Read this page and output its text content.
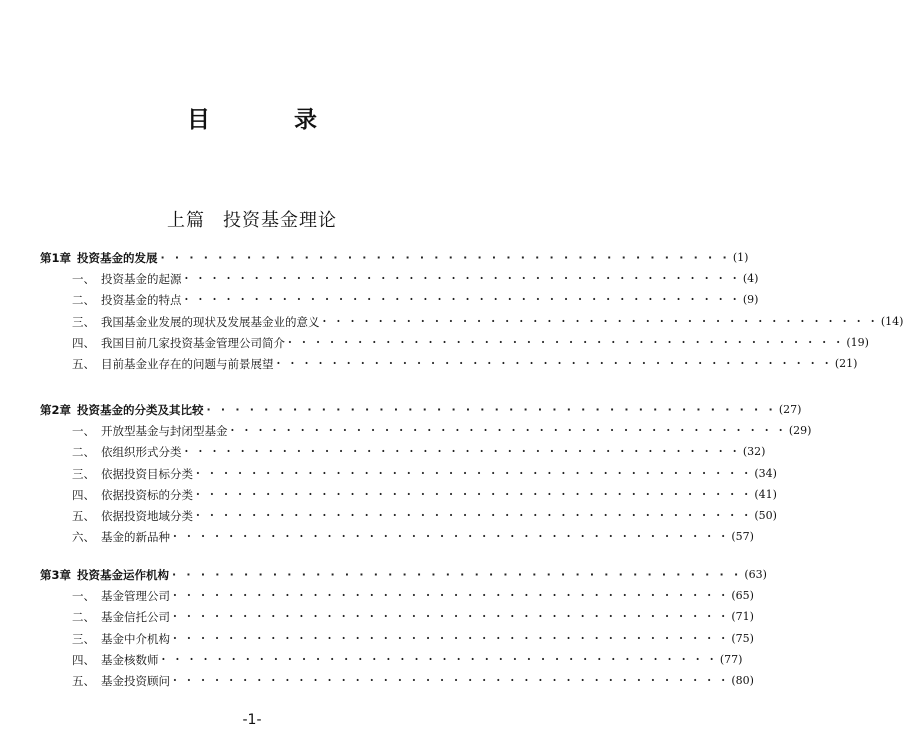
目 录
上篇 投资基金理论
第1章 投资基金的发展 · · · · · · · · · · · · · · · · · · · · · · · · · · · · · · · · · · · · · · · · (1)
一、 投资基金的起源 · · · · · · · · · · · · · · · · · · · · · · · · · · · · · · · · · · · · · · · · (4)
二、 投资基金的特点 · · · · · · · · · · · · · · · · · · · · · · · · · · · · · · · · · · · · · · · · (9)
三、 我国基金业发展的现状及发展基金业的意义 · · · · · · · · · · · · · · · · · · · · · · · · · · · · · · · · · · · · · · · · (14)
四、 我国目前几家投资基金管理公司简介 · · · · · · · · · · · · · · · · · · · · · · · · · · · · · · · · · · · · · · · · (19)
五、 目前基金业存在的问题与前景展望 · · · · · · · · · · · · · · · · · · · · · · · · · · · · · · · · · · · · · · · · (21)
第2章 投资基金的分类及其比较 · · · · · · · · · · · · · · · · · · · · · · · · · · · · · · · · · · · · · · · · (27)
一、 开放型基金与封闭型基金 · · · · · · · · · · · · · · · · · · · · · · · · · · · · · · · · · · · · · · · · (29)
二、 依组织形式分类 · · · · · · · · · · · · · · · · · · · · · · · · · · · · · · · · · · · · · · · · (32)
三、 依据投资目标分类 · · · · · · · · · · · · · · · · · · · · · · · · · · · · · · · · · · · · · · · · (34)
四、 依据投资标的分类 · · · · · · · · · · · · · · · · · · · · · · · · · · · · · · · · · · · · · · · · (41)
五、 依据投资地域分类 · · · · · · · · · · · · · · · · · · · · · · · · · · · · · · · · · · · · · · · · (50)
六、 基金的新品种 · · · · · · · · · · · · · · · · · · · · · · · · · · · · · · · · · · · · · · · · (57)
第3章 投资基金运作机构 · · · · · · · · · · · · · · · · · · · · · · · · · · · · · · · · · · · · · · · · (63)
一、 基金管理公司 · · · · · · · · · · · · · · · · · · · · · · · · · · · · · · · · · · · · · · · · (65)
二、 基金信托公司 · · · · · · · · · · · · · · · · · · · · · · · · · · · · · · · · · · · · · · · · (71)
三、 基金中介机构 · · · · · · · · · · · · · · · · · · · · · · · · · · · · · · · · · · · · · · · · (75)
四、 基金核数师 · · · · · · · · · · · · · · · · · · · · · · · · · · · · · · · · · · · · · · · · (77)
五、 基金投资顾问 · · · · · · · · · · · · · · · · · · · · · · · · · · · · · · · · · · · · · · · · (80)
-1-
